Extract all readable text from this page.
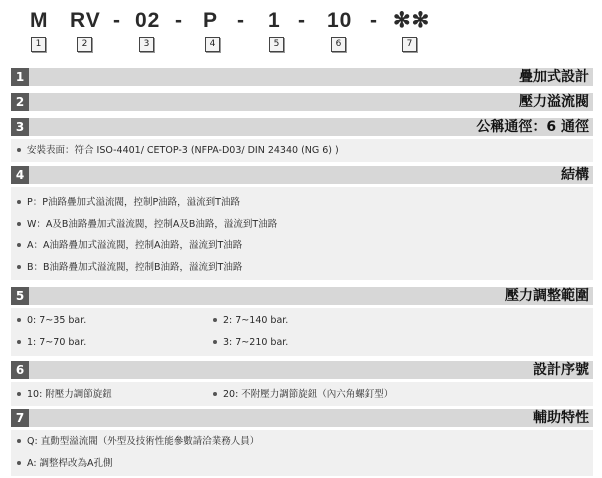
M RV - 02 - P - 1 - 10 - ✻✻
1	2	3	4	5	6	7
1	疊加式設計
2	壓力溢流閥
3	公稱通徑：6 通徑
安裝表面：符合 ISO-4401/ CETOP-3 (NFPA-D03/ DIN 24340 (NG 6) )
4	結構
P：P油路疊加式溢流閥，控制P油路，溢流到T油路
W：A及B油路疊加式溢流閥，控制A及B油路，溢流到T油路
A：A油路疊加式溢流閥，控制A油路，溢流到T油路
B：B油路疊加式溢流閥，控制B油路，溢流到T油路
5	壓力調整範圍
0: 7~35 bar.	2: 7~140 bar.
1: 7~70 bar.	3: 7~210 bar.
6	設計序號
10: 附壓力調節旋鈕	20: 不附壓力調節旋鈕（內六角螺釘型）
7	輔助特性
Q: 直動型溢流閥（外型及技術性能參數請洽業務人員）
A: 調整桿改為A孔側
